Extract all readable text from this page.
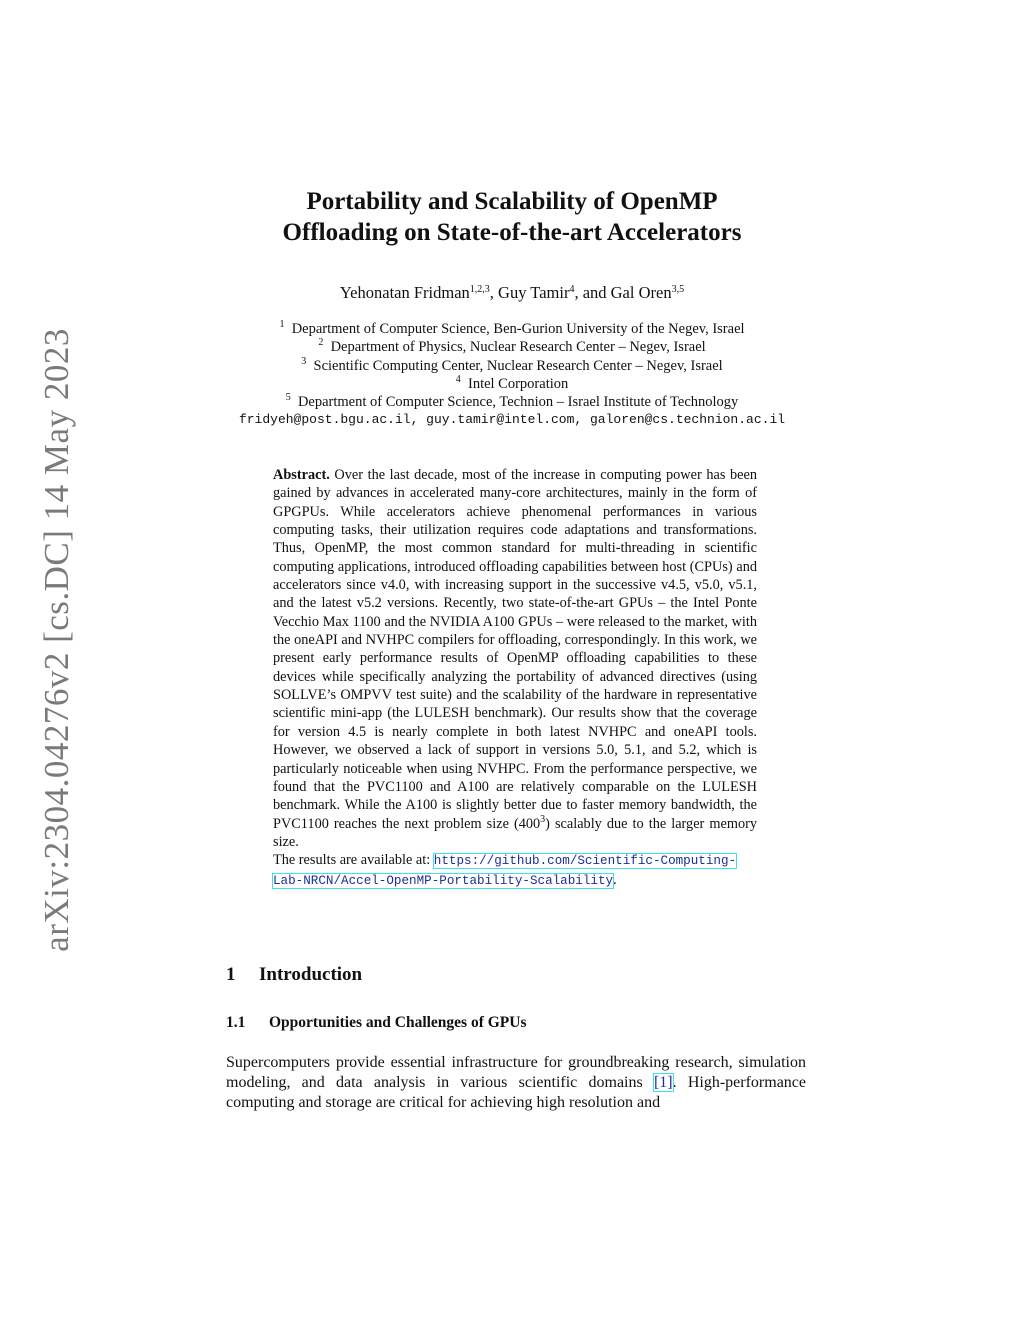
arXiv:2304.04276v2 [cs.DC] 14 May 2023
Portability and Scalability of OpenMP
Offloading on State-of-the-art Accelerators
Yehonatan Fridman$^{1,2,3}$, Guy Tamir$^4$, and Gal Oren$^{3,5}$
$^1$ Department of Computer Science, Ben-Gurion University of the Negev, Israel
$^2$ Department of Physics, Nuclear Research Center – Negev, Israel
$^3$ Scientific Computing Center, Nuclear Research Center – Negev, Israel
$^4$ Intel Corporation
$^5$ Department of Computer Science, Technion – Israel Institute of Technology
fridyeh@post.bgu.ac.il, guy.tamir@intel.com, galoren@cs.technion.ac.il
Abstract. Over the last decade, most of the increase in computing power has been gained by advances in accelerated many-core architectures, mainly in the form of GPGPUs. While accelerators achieve phenomenal performances in various computing tasks, their utilization requires code adaptations and transformations. Thus, OpenMP, the most common standard for multi-threading in scientific computing applications, introduced offloading capabilities between host (CPUs) and accelerators since v4.0, with increasing support in the successive v4.5, v5.0, v5.1, and the latest v5.2 versions. Recently, two state-of-the-art GPUs – the Intel Ponte Vecchio Max 1100 and the NVIDIA A100 GPUs – were released to the market, with the oneAPI and NVHPC compilers for offloading, correspondingly. In this work, we present early performance results of OpenMP offloading capabilities to these devices while specifically analyzing the portability of advanced directives (using SOLLVE’s OMPVV test suite) and the scalability of the hardware in representative scientific mini-app (the LULESH benchmark). Our results show that the coverage for version 4.5 is nearly complete in both latest NVHPC and oneAPI tools. However, we observed a lack of support in versions 5.0, 5.1, and 5.2, which is particularly noticeable when using NVHPC. From the performance perspective, we found that the PVC1100 and A100 are relatively comparable on the LULESH benchmark. While the A100 is slightly better due to faster memory bandwidth, the PVC1100 reaches the next problem size $(400^3)$ scalably due to the larger memory size.
The results are available at: https://github.com/Scientific-Computing-Lab-NRCN/Accel-OpenMP-Portability-Scalability.
1 Introduction
1.1 Opportunities and Challenges of GPUs
Supercomputers provide essential infrastructure for groundbreaking research, simulation modeling, and data analysis in various scientific domains [1]. High-performance computing and storage are critical for achieving high resolution and
